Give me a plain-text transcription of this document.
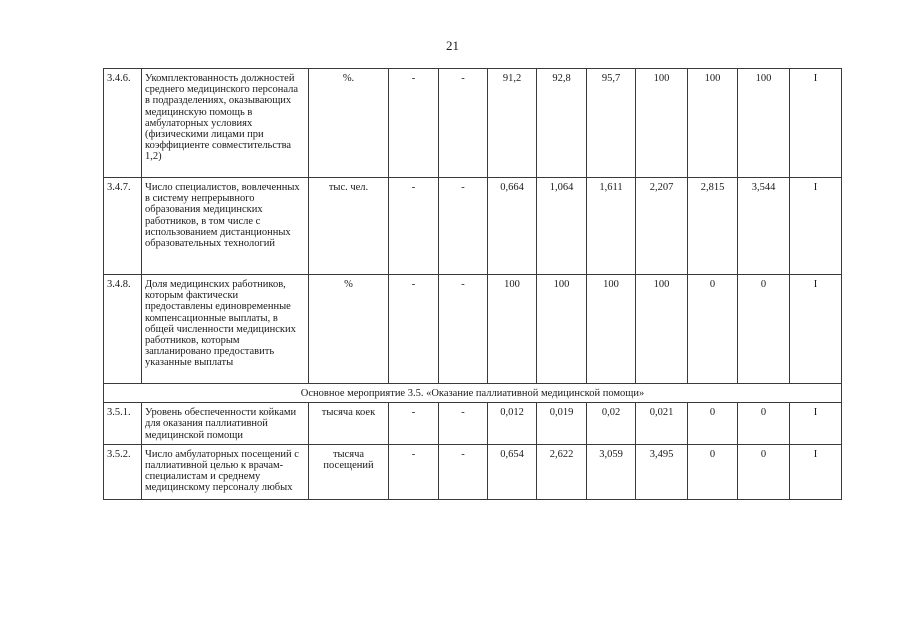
21
3.4.6.	Укомплектованность должностей среднего медицинского персонала в подразделениях, оказывающих медицинскую помощь в амбулаторных условиях (физическими лицами при коэффициенте совместительства 1,2)	%.	-	-	91,2	92,8	95,7	100	100	100	I
3.4.7.	Число специалистов, вовлеченных в систему непрерывного образования медицинских работников, в том числе с использованием дистанционных образовательных технологий	тыс. чел.	-	-	0,664	1,064	1,611	2,207	2,815	3,544	I
3.4.8.	Доля медицинских работников, которым фактически предоставлены единовременные компенсационные выплаты, в общей численности медицинских работников, которым запланировано предоставить указанные выплаты	%	-	-	100	100	100	100	0	0	I
Основное мероприятие 3.5. «Оказание паллиативной медицинской помощи»											
3.5.1.	Уровень обеспеченности койками для оказания паллиативной медицинской помощи	тысяча коек	-	-	0,012	0,019	0,02	0,021	0	0	I
3.5.2.	Число амбулаторных посещений с паллиативной целью к врачам-специалистам и среднему медицинскому персоналу любых	тысяча посещений	-	-	0,654	2,622	3,059	3,495	0	0	I
